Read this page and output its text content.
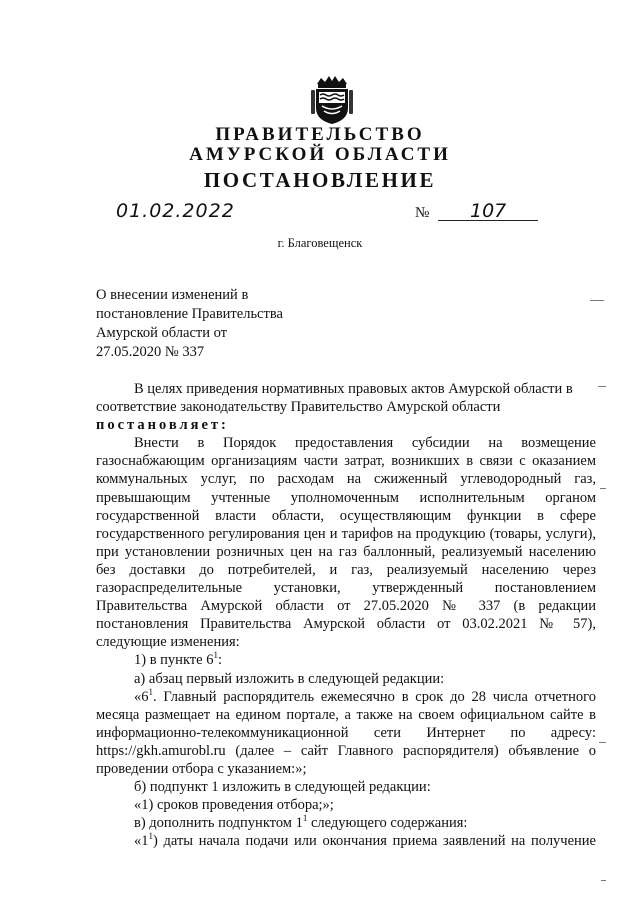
ПРАВИТЕЛЬСТВО
АМУРСКОЙ ОБЛАСТИ
ПОСТАНОВЛЕНИЕ
01.02.2022	№ 107
г. Благовещенск
О внесении изменений в
постановление Правительства
Амурской области от
27.05.2020 № 337
В целях приведения нормативных правовых актов Амурской области в
соответствие законодательству Правительство Амурской области
постановляет:
Внести в Порядок предоставления субсидии на возмещение
газоснабжающим организациям части затрат, возникших в связи с оказанием
коммунальных услуг, по расходам на сжиженный углеводородный газ,
превышающим учтенные уполномоченным исполнительным органом
государственной власти области, осуществляющим функции в сфере
государственного регулирования цен и тарифов на продукцию (товары, услуги),
при установлении розничных цен на газ баллонный, реализуемый населению
без доставки до потребителей, и газ, реализуемый населению через
газораспределительные установки, утвержденный постановлением
Правительства Амурской области от 27.05.2020 № 337 (в редакции
постановления Правительства Амурской области от 03.02.2021 № 57),
следующие изменения:
1) в пункте $6^1$:
а) абзац первый изложить в следующей редакции:
«$6^1$. Главный распорядитель ежемесячно в срок до 28 числа отчетного
месяца размещает на едином портале, а также на своем официальном сайте в
информационно-телекоммуникационной сети Интернет по адресу:
https://gkh.amurobl.ru (далее – сайт Главного распорядителя) объявление о
проведении отбора с указанием:»;
б) подпункт 1 изложить в следующей редакции:
«1) сроков проведения отбора;»;
в) дополнить подпунктом $1^1$ следующего содержания:
«$1^1$) даты начала подачи или окончания приема заявлений на получение
